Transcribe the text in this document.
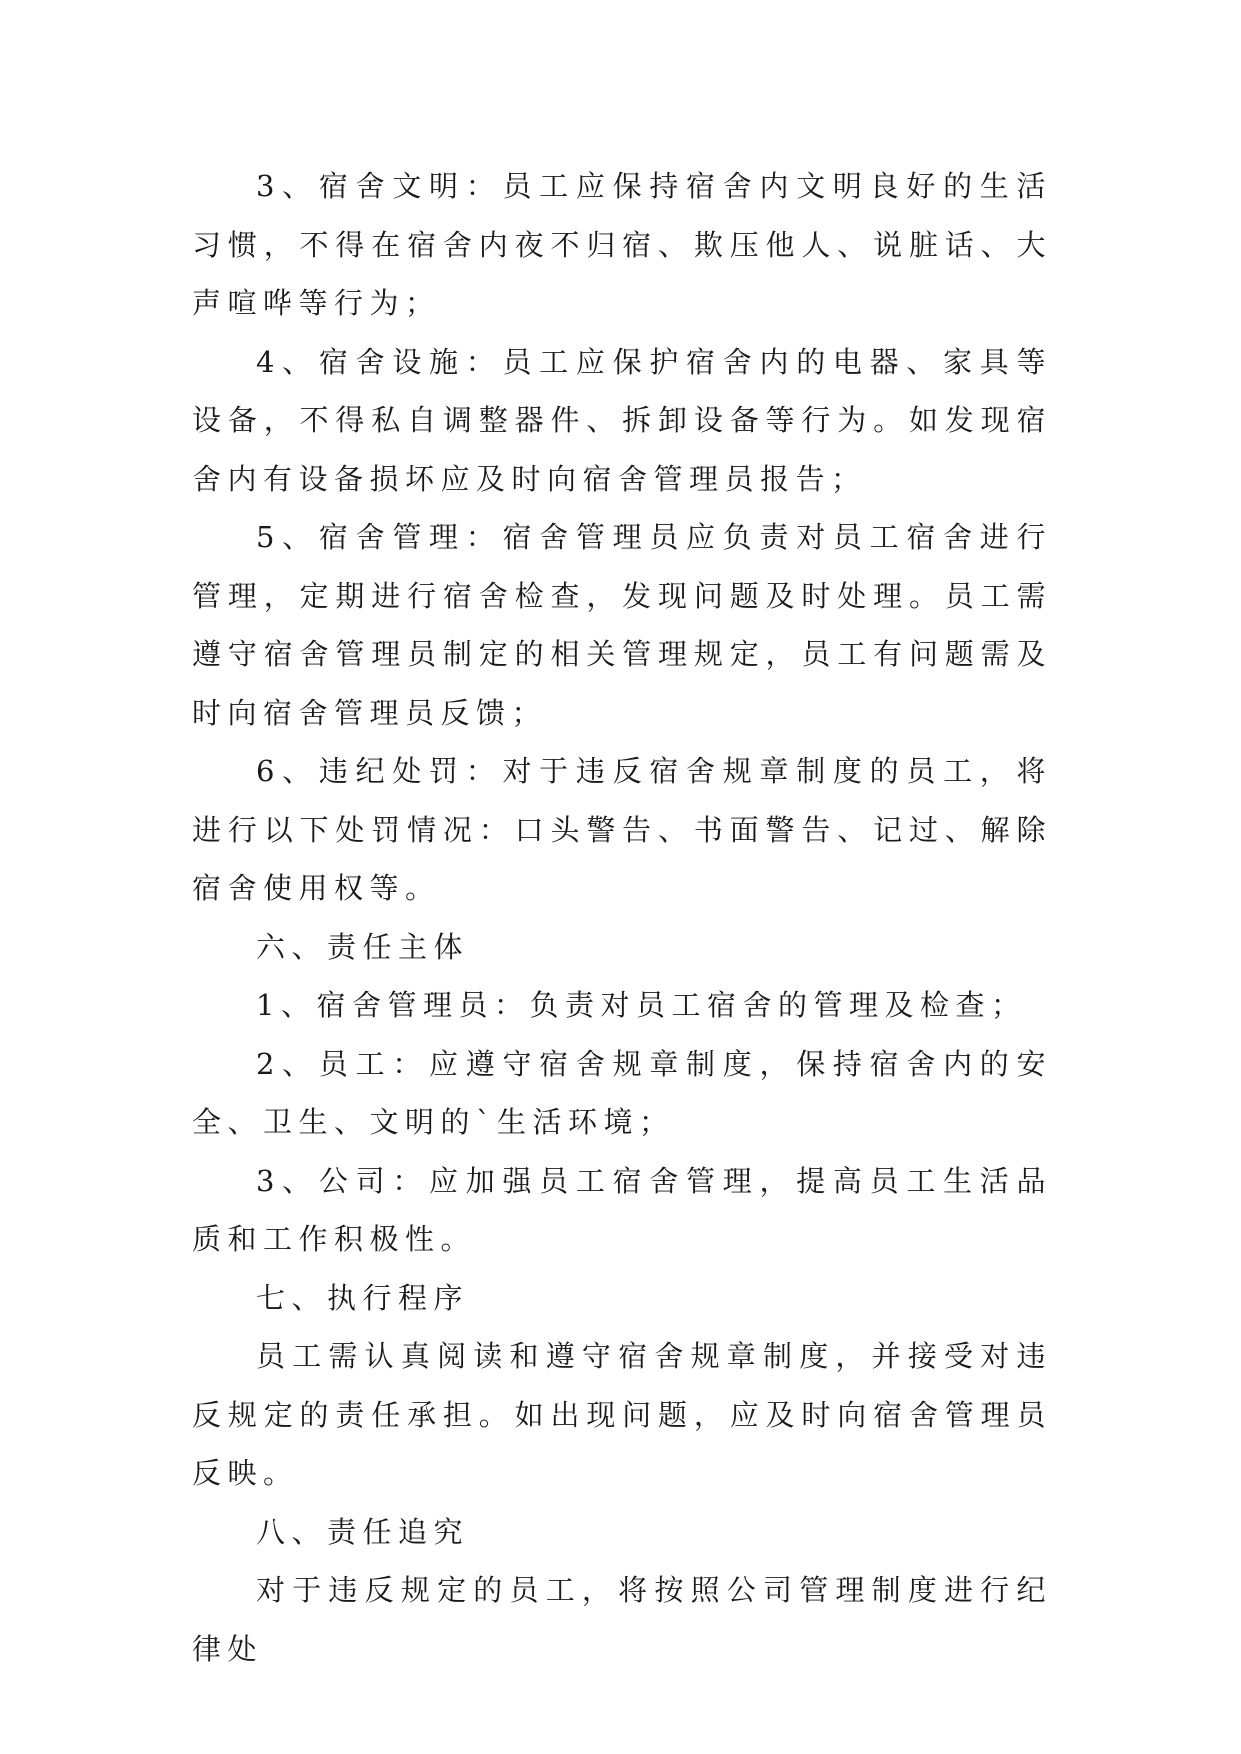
3、宿舍文明：员工应保持宿舍内文明良好的生活习惯，不得在宿舍内夜不归宿、欺压他人、说脏话、大声喧哗等行为；

4、宿舍设施：员工应保护宿舍内的电器、家具等设备，不得私自调整器件、拆卸设备等行为。如发现宿舍内有设备损坏应及时向宿舍管理员报告；

5、宿舍管理：宿舍管理员应负责对员工宿舍进行管理，定期进行宿舍检查，发现问题及时处理。员工需遵守宿舍管理员制定的相关管理规定，员工有问题需及时向宿舍管理员反馈；

6、违纪处罚：对于违反宿舍规章制度的员工，将进行以下处罚情况：口头警告、书面警告、记过、解除宿舍使用权等。

六、责任主体

1、宿舍管理员：负责对员工宿舍的管理及检查；

2、员工：应遵守宿舍规章制度，保持宿舍内的安全、卫生、文明的`生活环境；

3、公司：应加强员工宿舍管理，提高员工生活品质和工作积极性。

七、执行程序

员工需认真阅读和遵守宿舍规章制度，并接受对违反规定的责任承担。如出现问题，应及时向宿舍管理员反映。

八、责任追究

对于违反规定的员工，将按照公司管理制度进行纪律处
